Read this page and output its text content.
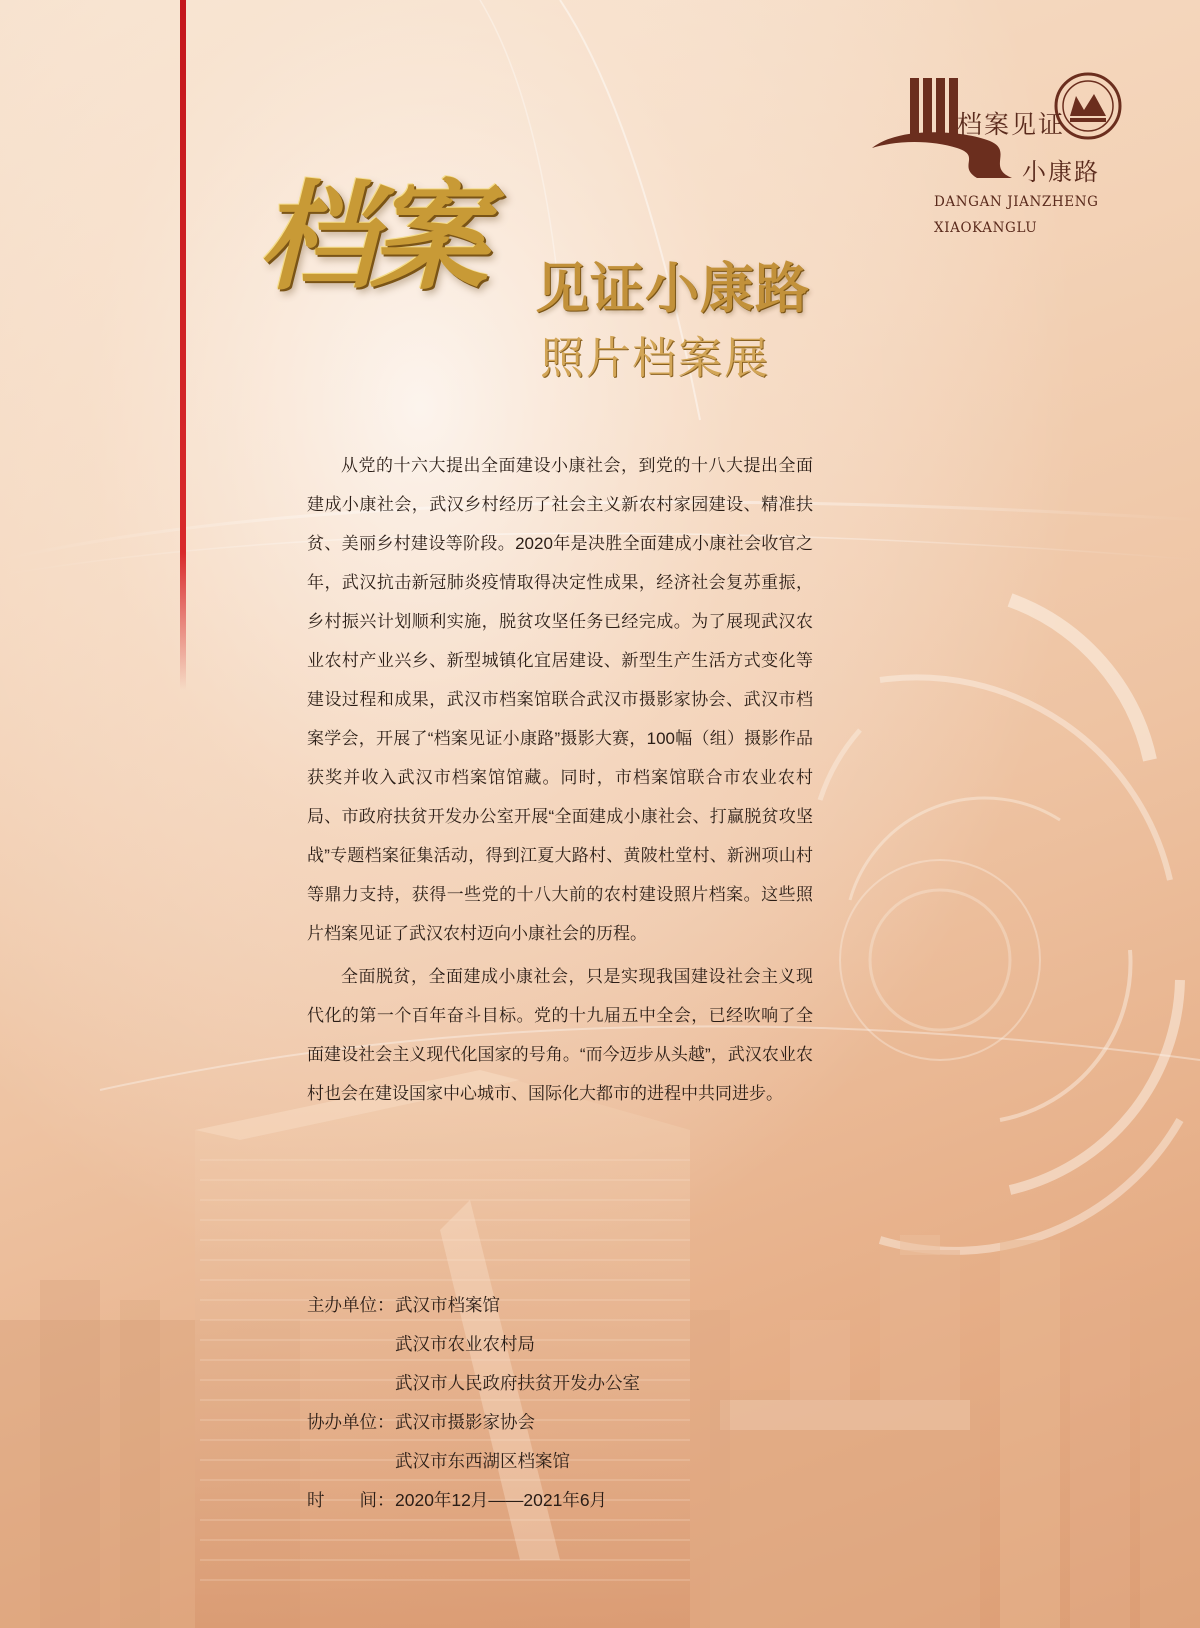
档案见证
小康路
DANGAN JIANZHENG
XIAOKANGLU
档案 见证小康路
照片档案展

从党的十六大提出全面建设小康社会，到党的十八大提出全面建成小康社会，武汉乡村经历了社会主义新农村家园建设、精准扶贫、美丽乡村建设等阶段。2020年是决胜全面建成小康社会收官之年，武汉抗击新冠肺炎疫情取得决定性成果，经济社会复苏重振，乡村振兴计划顺利实施，脱贫攻坚任务已经完成。为了展现武汉农业农村产业兴乡、新型城镇化宜居建设、新型生产生活方式变化等建设过程和成果，武汉市档案馆联合武汉市摄影家协会、武汉市档案学会，开展了“档案见证小康路”摄影大赛，100幅（组）摄影作品获奖并收入武汉市档案馆馆藏。同时，市档案馆联合市农业农村局、市政府扶贫开发办公室开展“全面建成小康社会、打赢脱贫攻坚战”专题档案征集活动，得到江夏大路村、黄陂杜堂村、新洲项山村等鼎力支持，获得一些党的十八大前的农村建设照片档案。这些照片档案见证了武汉农村迈向小康社会的历程。

全面脱贫，全面建成小康社会，只是实现我国建设社会主义现代化的第一个百年奋斗目标。党的十九届五中全会，已经吹响了全面建设社会主义现代化国家的号角。“而今迈步从头越”，武汉农业农村也会在建设国家中心城市、国际化大都市的进程中共同进步。

主办单位： 武汉市档案馆
武汉市农业农村局
武汉市人民政府扶贫开发办公室
协办单位： 武汉市摄影家协会
武汉市东西湖区档案馆
时　　间： 2020年12月——2021年6月
